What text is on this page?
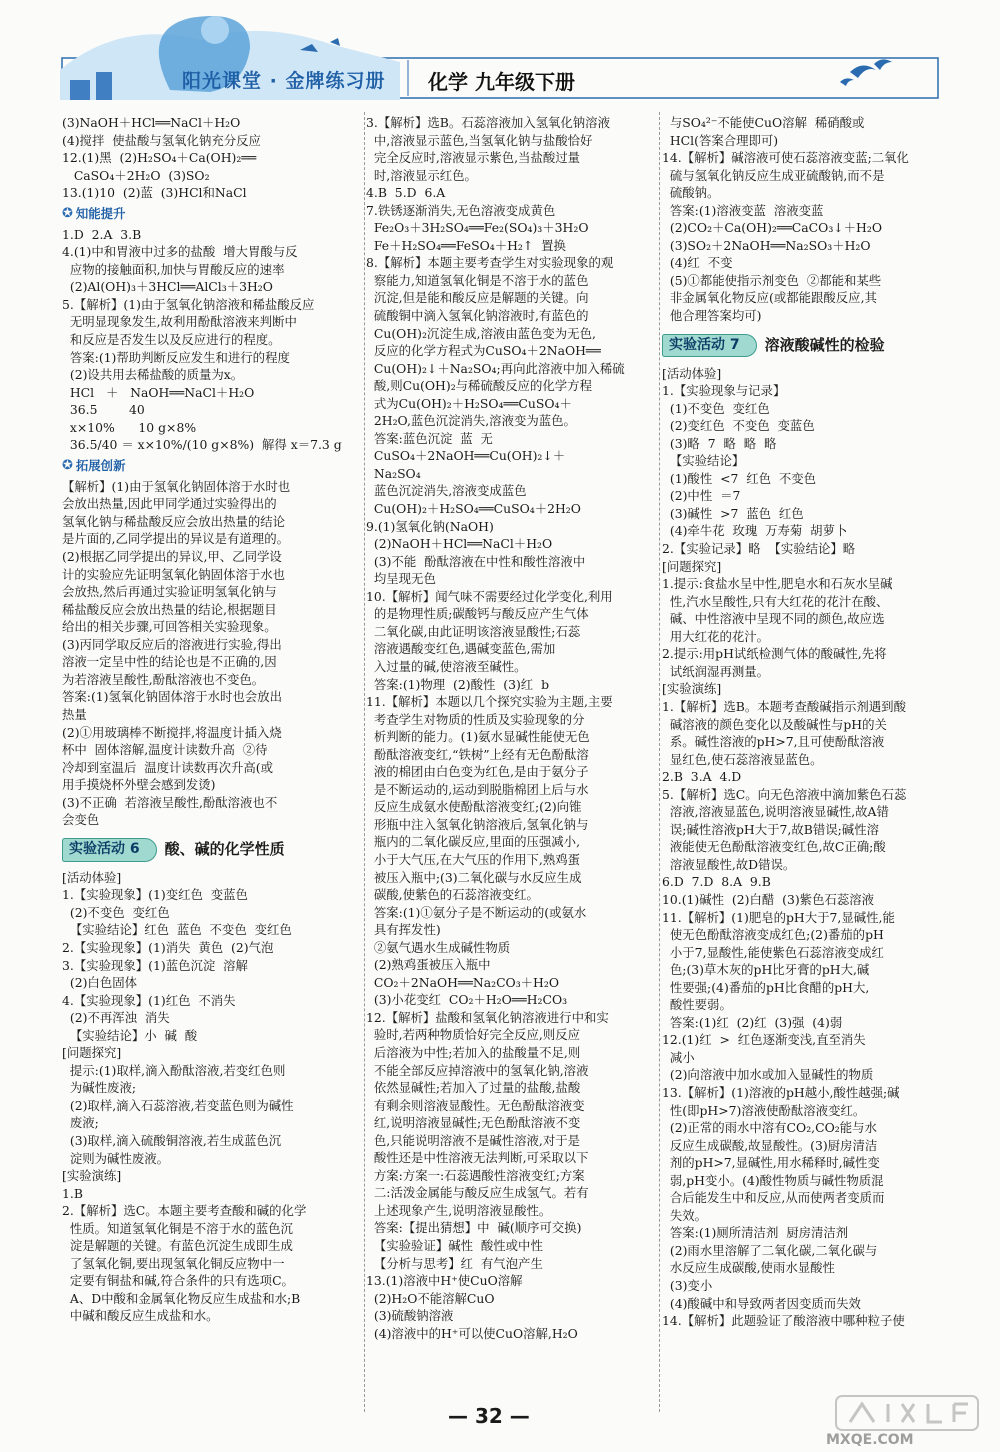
阳光课堂 · 金牌练习册 化学 九年级下册
(3)NaOH＋HCl══NaCl＋H₂O
(4)搅拌  使盐酸与氢氧化钠充分反应
12.(1)黑  (2)H₂SO₄＋Ca(OH)₂══
CaSO₄＋2H₂O  (3)SO₂
13.(1)10  (2)蓝  (3)HCl和NaCl
✪ 知能提升
1.D  2.A  3.B
4.(1)中和胃液中过多的盐酸  增大胃酸与反
应物的接触面积,加快与胃酸反应的速率
(2)Al(OH)₃＋3HCl══AlCl₃＋3H₂O
5.【解析】(1)由于氢氧化钠溶液和稀盐酸反应
无明显现象发生,故利用酚酞溶液来判断中
和反应是否发生以及反应进行的程度。
答案:(1)帮助判断反应发生和进行的程度
(2)设共用去稀盐酸的质量为x。
HCl   ＋   NaOH══NaCl＋H₂O
36.5        40
x×10%      10 g×8%
36.5/40 ＝ x×10%/(10 g×8%)  解得 x＝7.3 g
✪ 拓展创新
【解析】(1)由于氢氧化钠固体溶于水时也
会放出热量,因此甲同学通过实验得出的
氢氧化钠与稀盐酸反应会放出热量的结论
是片面的,乙同学提出的异议是有道理的。
(2)根据乙同学提出的异议,甲、乙同学设
计的实验应先证明氢氧化钠固体溶于水也
会放热,然后再通过实验证明氢氧化钠与
稀盐酸反应会放出热量的结论,根据题目
给出的相关步骤,可回答相关实验现象。
(3)丙同学取反应后的溶液进行实验,得出
溶液一定呈中性的结论也是不正确的,因
为若溶液呈酸性,酚酞溶液也不变色。
答案:(1)氢氧化钠固体溶于水时也会放出
热量
(2)①用玻璃棒不断搅拌,将温度计插入烧
杯中  固体溶解,温度计读数升高  ②待
冷却到室温后  温度计读数再次升高(或
用手摸烧杯外壁会感到发烫)
(3)不正确  若溶液呈酸性,酚酞溶液也不
会变色
实验活动 6	酸、碱的化学性质
[活动体验]
1.【实验现象】(1)变红色  变蓝色
(2)不变色  变红色
【实验结论】红色  蓝色  不变色  变红色
2.【实验现象】(1)消失  黄色  (2)气泡
3.【实验现象】(1)蓝色沉淀  溶解
(2)白色固体
4.【实验现象】(1)红色  不消失
(2)不再浑浊  消失
【实验结论】小  碱  酸
[问题探究]
提示:(1)取样,滴入酚酞溶液,若变红色则
为碱性废液;
(2)取样,滴入石蕊溶液,若变蓝色则为碱性
废液;
(3)取样,滴入硫酸铜溶液,若生成蓝色沉
淀则为碱性废液。
[实验演练]
1.B
2.【解析】选C。本题主要考查酸和碱的化学
性质。知道氢氧化铜是不溶于水的蓝色沉
淀是解题的关键。有蓝色沉淀生成即生成
了氢氧化铜,要出现氢氧化铜反应物中一
定要有铜盐和碱,符合条件的只有选项C。
A、D中酸和金属氧化物反应生成盐和水;B
中碱和酸反应生成盐和水。
3.【解析】选B。石蕊溶液加入氢氧化钠溶液
中,溶液显示蓝色,当氢氧化钠与盐酸恰好
完全反应时,溶液显示紫色,当盐酸过量
时,溶液显示红色。
4.B  5.D  6.A
7.铁锈逐渐消失,无色溶液变成黄色
Fe₂O₃＋3H₂SO₄══Fe₂(SO₄)₃＋3H₂O
Fe＋H₂SO₄══FeSO₄＋H₂↑  置换
8.【解析】本题主要考查学生对实验现象的观
察能力,知道氢氧化铜是不溶于水的蓝色
沉淀,但是能和酸反应是解题的关键。向
硫酸铜中滴入氢氧化钠溶液时,有蓝色的
Cu(OH)₂沉淀生成,溶液由蓝色变为无色,
反应的化学方程式为CuSO₄＋2NaOH══
Cu(OH)₂↓＋Na₂SO₄;再向此溶液中加入稀硫
酸,则Cu(OH)₂与稀硫酸反应的化学方程
式为Cu(OH)₂＋H₂SO₄══CuSO₄＋
2H₂O,蓝色沉淀消失,溶液变为蓝色。
答案:蓝色沉淀  蓝  无
CuSO₄＋2NaOH══Cu(OH)₂↓＋
Na₂SO₄
蓝色沉淀消失,溶液变成蓝色
Cu(OH)₂＋H₂SO₄══CuSO₄＋2H₂O
9.(1)氢氧化钠(NaOH)
(2)NaOH＋HCl══NaCl＋H₂O
(3)不能  酚酞溶液在中性和酸性溶液中
均呈现无色
10.【解析】闻气味不需要经过化学变化,利用
的是物理性质;碳酸钙与酸反应产生气体
二氧化碳,由此证明该溶液显酸性;石蕊
溶液遇酸变红色,遇碱变蓝色,需加
入过量的碱,使溶液至碱性。
答案:(1)物理  (2)酸性  (3)红  b
11.【解析】本题以几个探究实验为主题,主要
考查学生对物质的性质及实验现象的分
析判断的能力。(1)氨水显碱性能使无色
酚酞溶液变红,“铁树”上经有无色酚酞溶
液的棉团由白色变为红色,是由于氨分子
是不断运动的,运动到脱脂棉团上后与水
反应生成氨水使酚酞溶液变红;(2)向锥
形瓶中注入氢氧化钠溶液后,氢氧化钠与
瓶内的二氧化碳反应,里面的压强减小,
小于大气压,在大气压的作用下,熟鸡蛋
被压入瓶中;(3)二氧化碳与水反应生成
碳酸,使紫色的石蕊溶液变红。
答案:(1)①氨分子是不断运动的(或氨水
具有挥发性)
②氨气遇水生成碱性物质
(2)熟鸡蛋被压入瓶中
CO₂＋2NaOH══Na₂CO₃＋H₂O
(3)小花变红  CO₂＋H₂O══H₂CO₃
12.【解析】盐酸和氢氧化钠溶液进行中和实
验时,若两种物质恰好完全反应,则反应
后溶液为中性;若加入的盐酸量不足,则
不能全部反应掉溶液中的氢氧化钠,溶液
依然显碱性;若加入了过量的盐酸,盐酸
有剩余则溶液显酸性。无色酚酞溶液变
红,说明溶液显碱性;无色酚酞溶液不变
色,只能说明溶液不是碱性溶液,对于是
酸性还是中性溶液无法判断,可采取以下
方案:方案一:石蕊遇酸性溶液变红;方案
二:活泼金属能与酸反应生成氢气。若有
上述现象产生,说明溶液显酸性。
答案:【提出猜想】中  碱(顺序可交换)
【实验验证】碱性  酸性或中性
【分析与思考】红  有气泡产生
13.(1)溶液中H⁺使CuO溶解
(2)H₂O不能溶解CuO
(3)硫酸钠溶液
(4)溶液中的H⁺可以使CuO溶解,H₂O
与SO₄²⁻不能使CuO溶解  稀硝酸或
HCl(答案合理即可)
14.【解析】碱溶液可使石蕊溶液变蓝;二氧化
硫与氢氧化钠反应生成亚硫酸钠,而不是
硫酸钠。
答案:(1)溶液变蓝  溶液变蓝
(2)CO₂＋Ca(OH)₂══CaCO₃↓＋H₂O
(3)SO₂＋2NaOH══Na₂SO₃＋H₂O
(4)红  不变
(5)①都能使指示剂变色  ②都能和某些
非金属氧化物反应(或都能跟酸反应,其
他合理答案均可)
实验活动 7	溶液酸碱性的检验
[活动体验]
1.【实验现象与记录】
(1)不变色  变红色
(2)变红色  不变色  变蓝色
(3)略  7  略  略  略
【实验结论】
(1)酸性  <7  红色  不变色
(2)中性  ＝7
(3)碱性  >7  蓝色  红色
(4)牵牛花  玫瑰  万寿菊  胡萝卜
2.【实验记录】略  【实验结论】略
[问题探究]
1.提示:食盐水呈中性,肥皂水和石灰水呈碱
性,汽水呈酸性,只有大红花的花汁在酸、
碱、中性溶液中呈现不同的颜色,故应选
用大红花的花汁。
2.提示:用pH试纸检测气体的酸碱性,先将
试纸润湿再测量。
[实验演练]
1.【解析】选B。本题考查酸碱指示剂遇到酸
碱溶液的颜色变化以及酸碱性与pH的关
系。碱性溶液的pH>7,且可使酚酞溶液
显红色,使石蕊溶液显蓝色。
2.B  3.A  4.D
5.【解析】选C。向无色溶液中滴加紫色石蕊
溶液,溶液显蓝色,说明溶液显碱性,故A错
误;碱性溶液pH大于7,故B错误;碱性溶
液能使无色酚酞溶液变红色,故C正确;酸
溶液显酸性,故D错误。
6.D  7.D  8.A  9.B
10.(1)碱性  (2)白醋  (3)紫色石蕊溶液
11.【解析】(1)肥皂的pH大于7,显碱性,能
使无色酚酞溶液变成红色;(2)番茄的pH
小于7,显酸性,能使紫色石蕊溶液变成红
色;(3)草木灰的pH比牙膏的pH大,碱
性要强;(4)番茄的pH比食醋的pH大,
酸性要弱。
答案:(1)红  (2)红  (3)强  (4)弱
12.(1)红  >  红色逐渐变浅,直至消失
减小
(2)向溶液中加水或加入显碱性的物质
13.【解析】(1)溶液的pH越小,酸性越强;碱
性(即pH>7)溶液使酚酞溶液变红。
(2)正常的雨水中溶有CO₂,CO₂能与水
反应生成碳酸,故显酸性。(3)厨房清洁
剂的pH>7,显碱性,用水稀释时,碱性变
弱,pH变小。(4)酸性物质与碱性物质混
合后能发生中和反应,从而使两者变质而
失效。
答案:(1)厕所清洁剂  厨房清洁剂
(2)雨水里溶解了二氧化碳,二氧化碳与
水反应生成碳酸,使雨水显酸性
(3)变小
(4)酸碱中和导致两者因变质而失效
14.【解析】此题验证了酸溶液中哪种粒子使
— 32 —
MXQE.COM
